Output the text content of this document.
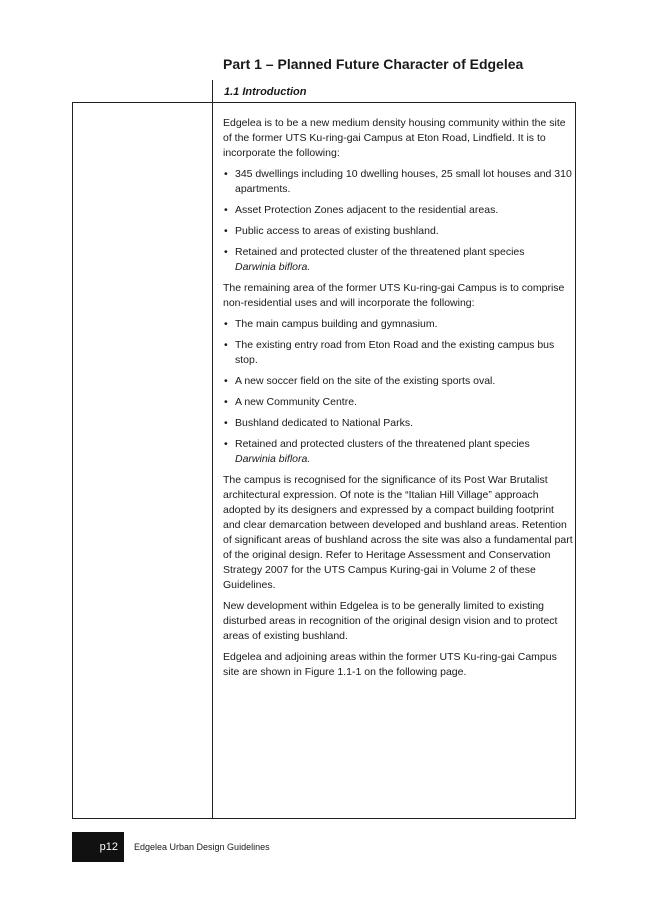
Part 1 – Planned Future Character of Edgelea
1.1 Introduction

Edgelea is to be a new medium density housing community within the site of the former UTS Ku-ring-gai Campus at Eton Road, Lindfield. It is to incorporate the following:

• 345 dwellings including 10 dwelling houses, 25 small lot houses and 310 apartments.
• Asset Protection Zones adjacent to the residential areas.
• Public access to areas of existing bushland.
• Retained and protected cluster of the threatened plant species
Darwinia biflora.

The remaining area of the former UTS Ku-ring-gai Campus is to comprise non-residential uses and will incorporate the following:

• The main campus building and gymnasium.
• The existing entry road from Eton Road and the existing campus bus stop.
• A new soccer field on the site of the existing sports oval.
• A new Community Centre.
• Bushland dedicated to National Parks.
• Retained and protected clusters of the threatened plant species
Darwinia biflora.

The campus is recognised for the significance of its Post War Brutalist architectural expression. Of note is the “Italian Hill Village” approach adopted by its designers and expressed by a compact building footprint and clear demarcation between developed and bushland areas. Retention of significant areas of bushland across the site was also a fundamental part of the original design. Refer to Heritage Assessment and Conservation Strategy 2007 for the UTS Campus Kuring-gai in Volume 2 of these Guidelines.

New development within Edgelea is to be generally limited to existing disturbed areas in recognition of the original design vision and to protect areas of existing bushland.

Edgelea and adjoining areas within the former UTS Ku-ring-gai Campus site are shown in Figure 1.1-1 on the following page.

p12 Edgelea Urban Design Guidelines
